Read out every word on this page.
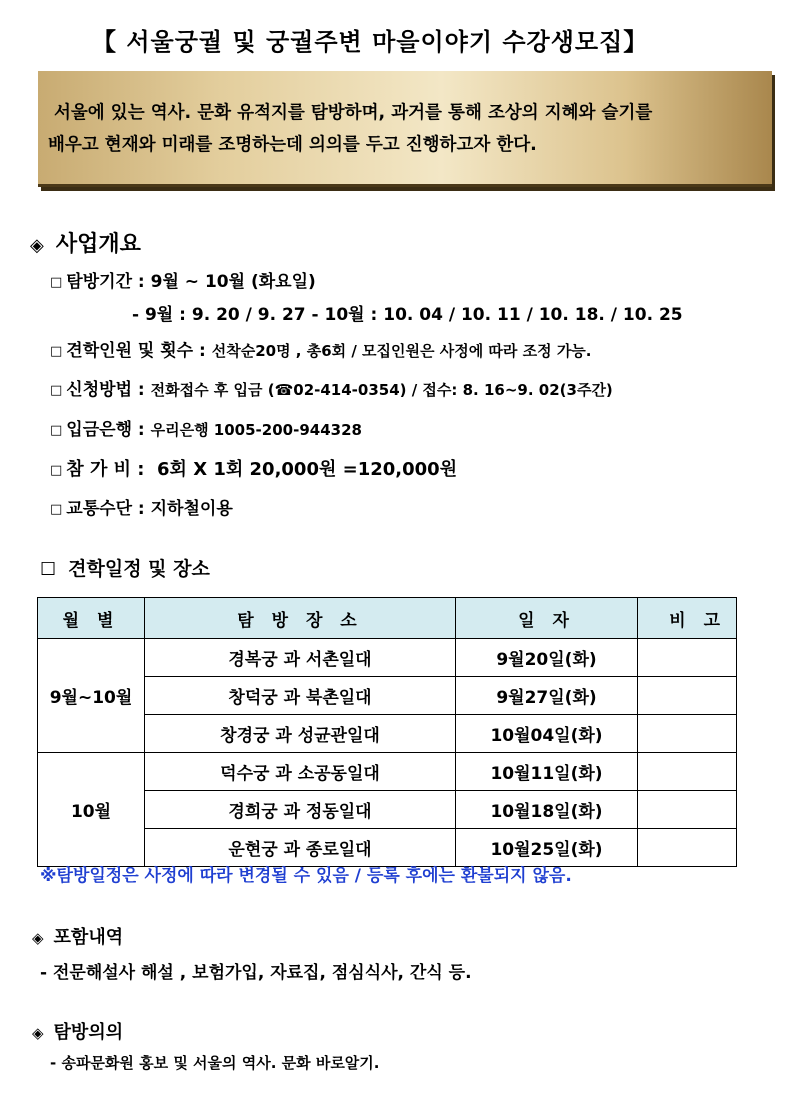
【 서울궁궐 및 궁궐주변 마을이야기 수강생모집】
서울에 있는 역사. 문화 유적지를 탐방하며, 과거를 통해 조상의 지혜와 슬기를
배우고 현재와 미래를 조명하는데 의의를 두고 진행하고자 한다.
◈ 사업개요
□ 탐방기간 : 9월 ~ 10월 (화요일)
- 9월 : 9. 20 / 9. 27 - 10월 : 10. 04 / 10. 11 / 10. 18. / 10. 25
□ 견학인원 및 횟수 : 선착순20명 , 총6회 / 모집인원은 사정에 따라 조정 가능.
□ 신청방법 : 전화접수 후 입금 (☎02-414-0354) / 접수: 8. 16~9. 02(3주간)
□ 입금은행 : 우리은행 1005-200-944328
□ 참 가 비 : 6회 X 1회 20,000원 =120,000원
□ 교통수단 : 지하철이용
☐ 견학일정 및 장소
월 별	탐 방 장 소	일 자	비 고
9월~10월	경복궁 과 서촌일대	9월20일(화)	
	창덕궁 과 북촌일대	9월27일(화)	
	창경궁 과 성균관일대	10월04일(화)	
10월	덕수궁 과 소공동일대	10월11일(화)	
	경희궁 과 정동일대	10월18일(화)	
	운현궁 과 종로일대	10월25일(화)	
※탐방일정은 사정에 따라 변경될 수 있음 / 등록 후에는 환불되지 않음.
◈ 포함내역
- 전문해설사 해설 , 보험가입, 자료집, 점심식사, 간식 등.
◈ 탐방의의
- 송파문화원 홍보 및 서울의 역사. 문화 바로알기.
